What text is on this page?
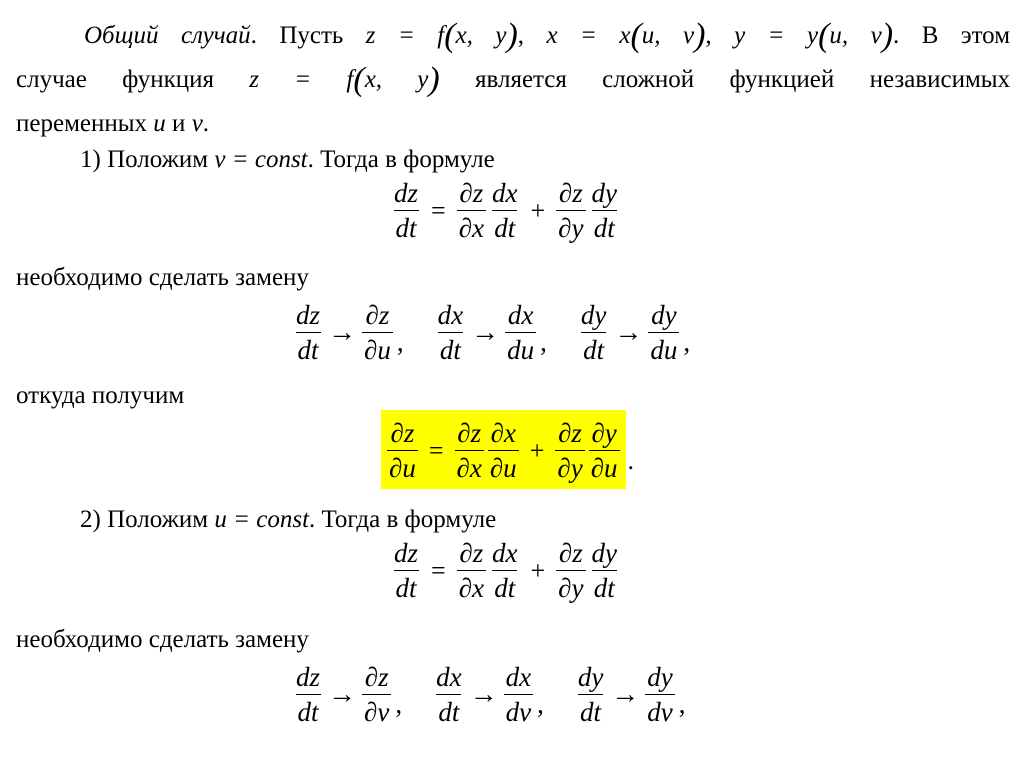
Общий случай. Пусть z = f(x, y), x = x(u, v), y = y(u, v). В этом
случае функция z = f(x, y) является сложной функцией независимых
переменных u и v.
1) Положим v = const. Тогда в формуле
$\frac{dz}{dt} = \frac{\partial z}{\partial x} \frac{dx}{dt} + \frac{\partial z}{\partial y} \frac{dy}{dt}$
необходимо сделать замену
$\frac{dz}{dt} \to \frac{\partial z}{\partial u}$ , $\frac{dx}{dt} \to \frac{dx}{du}$ , $\frac{dy}{dt} \to \frac{dy}{du}$ ,
откуда получим
$\frac{\partial z}{\partial u} = \frac{\partial z}{\partial x} \frac{\partial x}{\partial u} + \frac{\partial z}{\partial y} \frac{\partial y}{\partial u}$ .
2) Положим u = const. Тогда в формуле
$\frac{dz}{dt} = \frac{\partial z}{\partial x} \frac{dx}{dt} + \frac{\partial z}{\partial y} \frac{dy}{dt}$
необходимо сделать замену
$\frac{dz}{dt} \to \frac{\partial z}{\partial v}$ , $\frac{dx}{dt} \to \frac{dx}{dv}$ , $\frac{dy}{dt} \to \frac{dy}{dv}$ ,
